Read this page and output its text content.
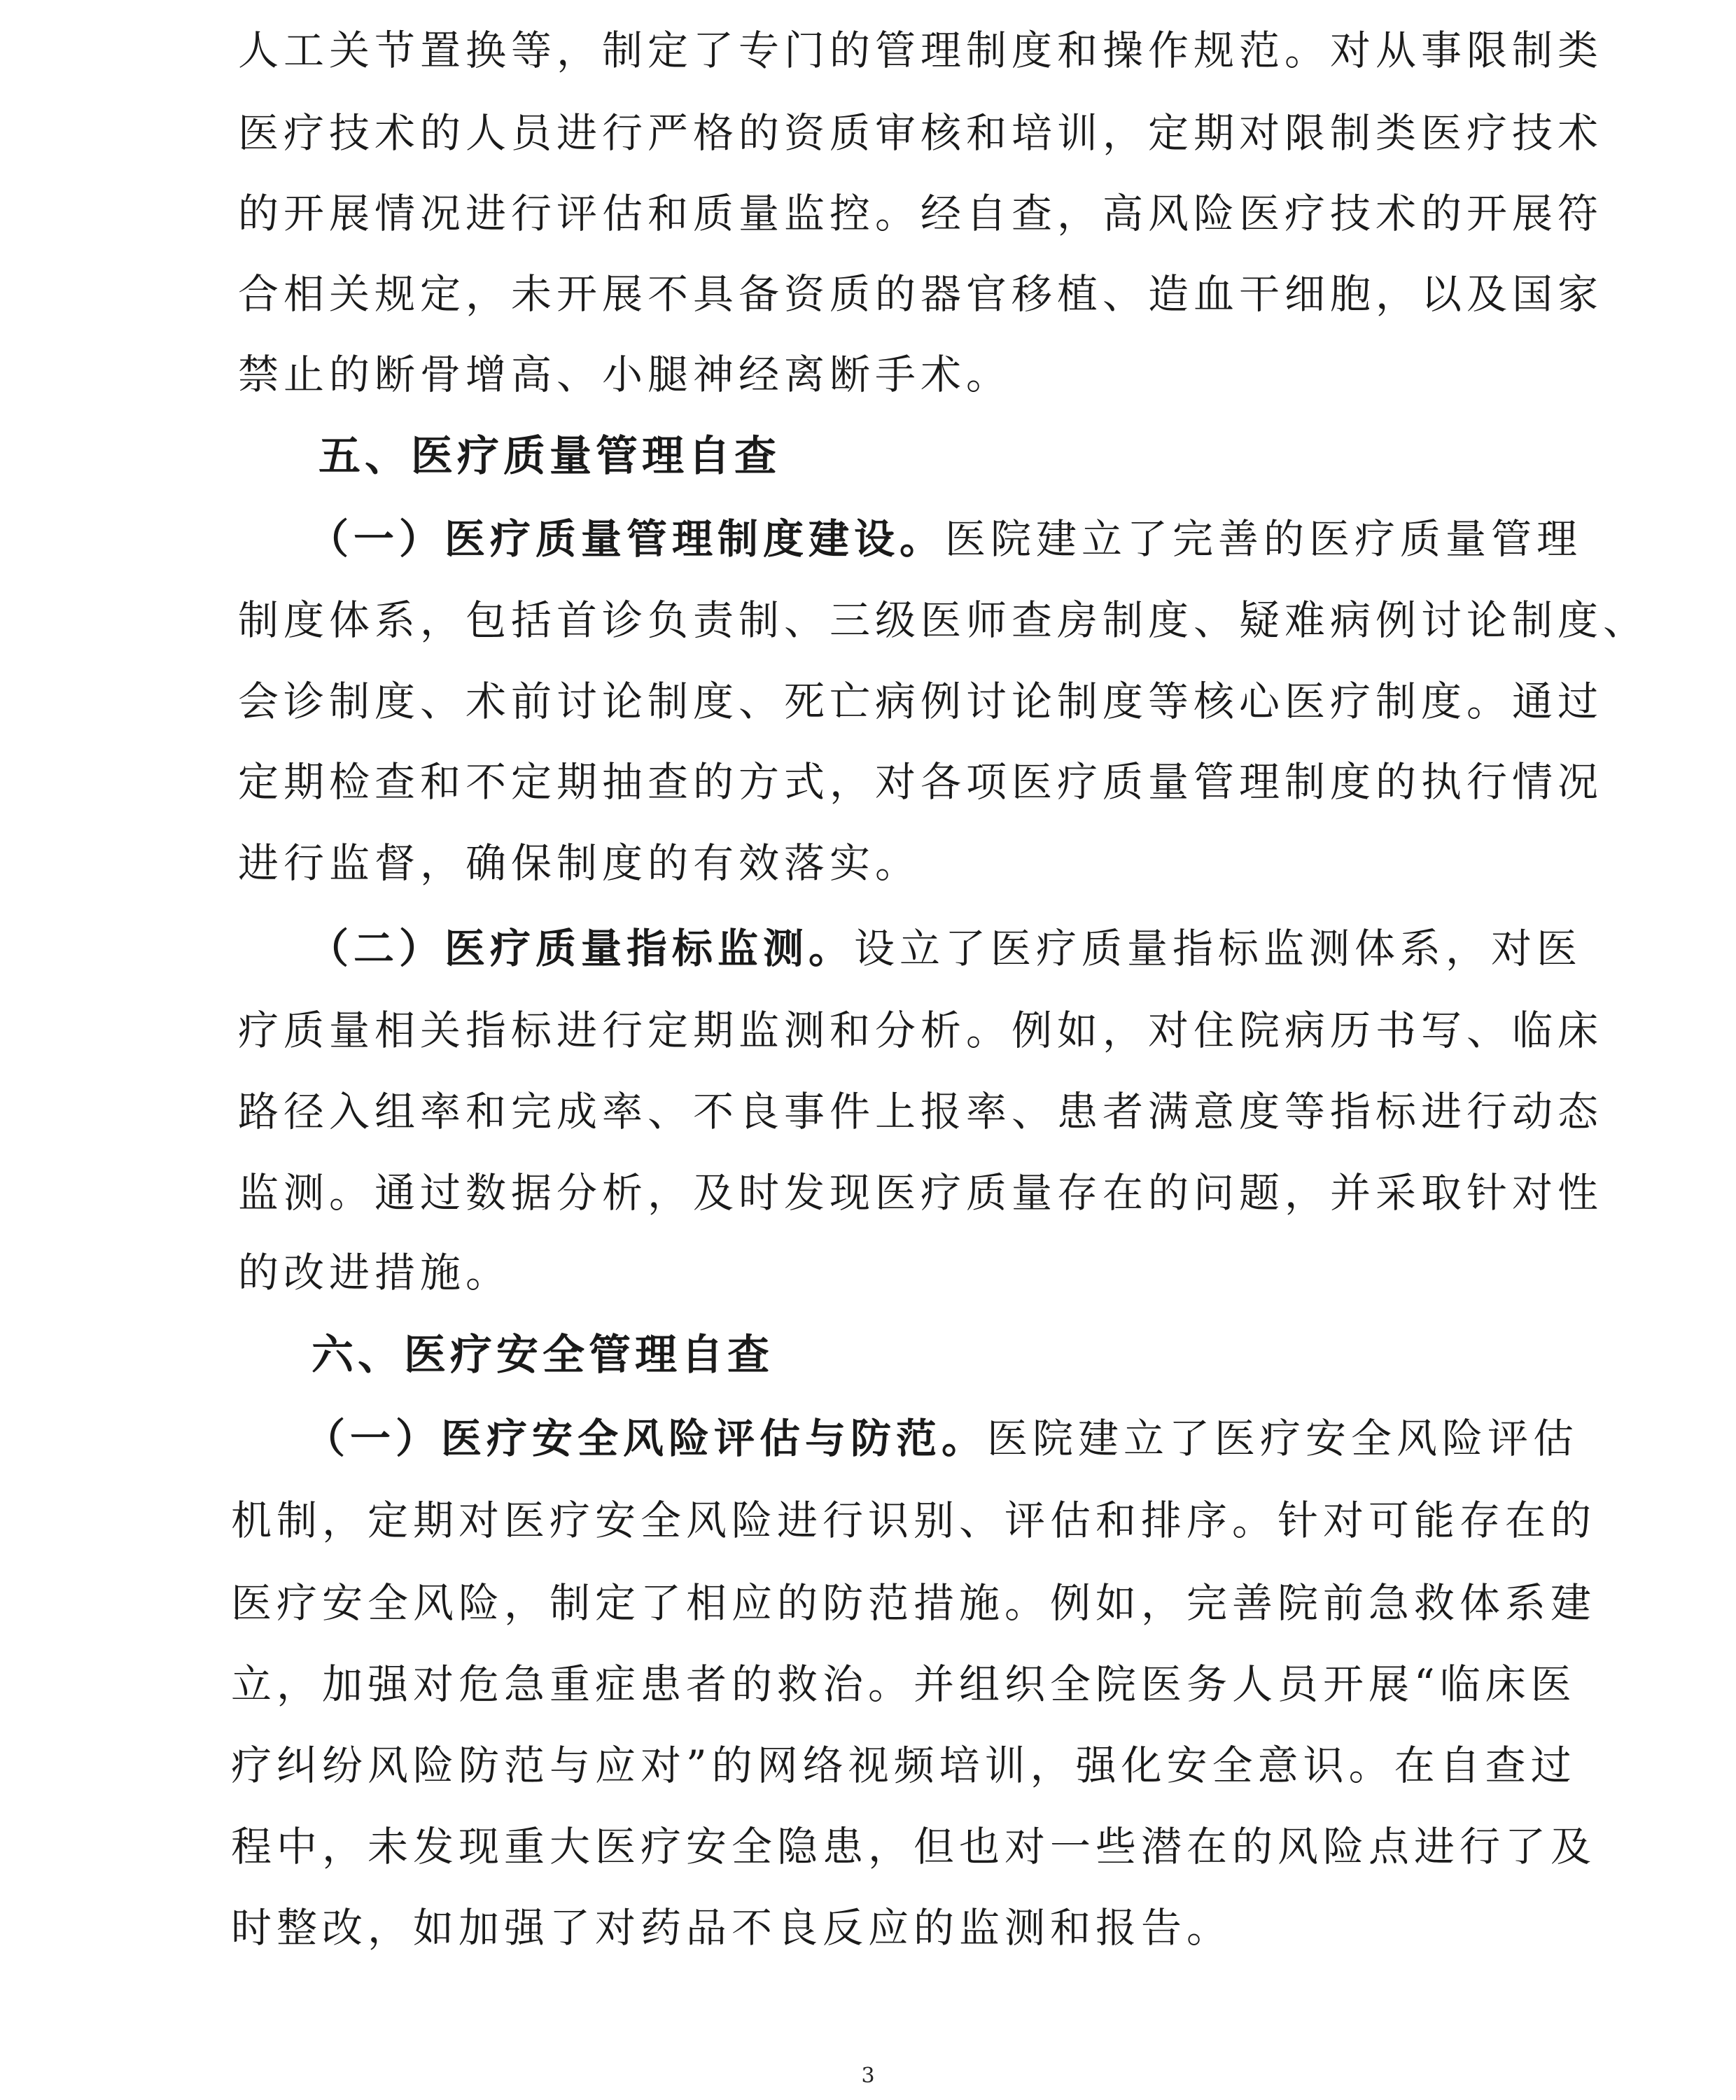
人工关节置换等，制定了专门的管理制度和操作规范。对从事限制类
医疗技术的人员进行严格的资质审核和培训，定期对限制类医疗技术
的开展情况进行评估和质量监控。经自查，高风险医疗技术的开展符
合相关规定，未开展不具备资质的器官移植、造血干细胞，以及国家
禁止的断骨增高、小腿神经离断手术。
五、医疗质量管理自查
（一）医疗质量管理制度建设。医院建立了完善的医疗质量管理
制度体系，包括首诊负责制、三级医师查房制度、疑难病例讨论制度、
会诊制度、术前讨论制度、死亡病例讨论制度等核心医疗制度。通过
定期检查和不定期抽查的方式，对各项医疗质量管理制度的执行情况
进行监督，确保制度的有效落实。
（二）医疗质量指标监测。设立了医疗质量指标监测体系，对医
疗质量相关指标进行定期监测和分析。例如，对住院病历书写、临床
路径入组率和完成率、不良事件上报率、患者满意度等指标进行动态
监测。通过数据分析，及时发现医疗质量存在的问题，并采取针对性
的改进措施。
六、医疗安全管理自查
（一）医疗安全风险评估与防范。医院建立了医疗安全风险评估
机制，定期对医疗安全风险进行识别、评估和排序。针对可能存在的
医疗安全风险，制定了相应的防范措施。例如，完善院前急救体系建
立，加强对危急重症患者的救治。并组织全院医务人员开展“临床医
疗纠纷风险防范与应对”的网络视频培训，强化安全意识。在自查过
程中，未发现重大医疗安全隐患，但也对一些潜在的风险点进行了及
时整改，如加强了对药品不良反应的监测和报告。
3
